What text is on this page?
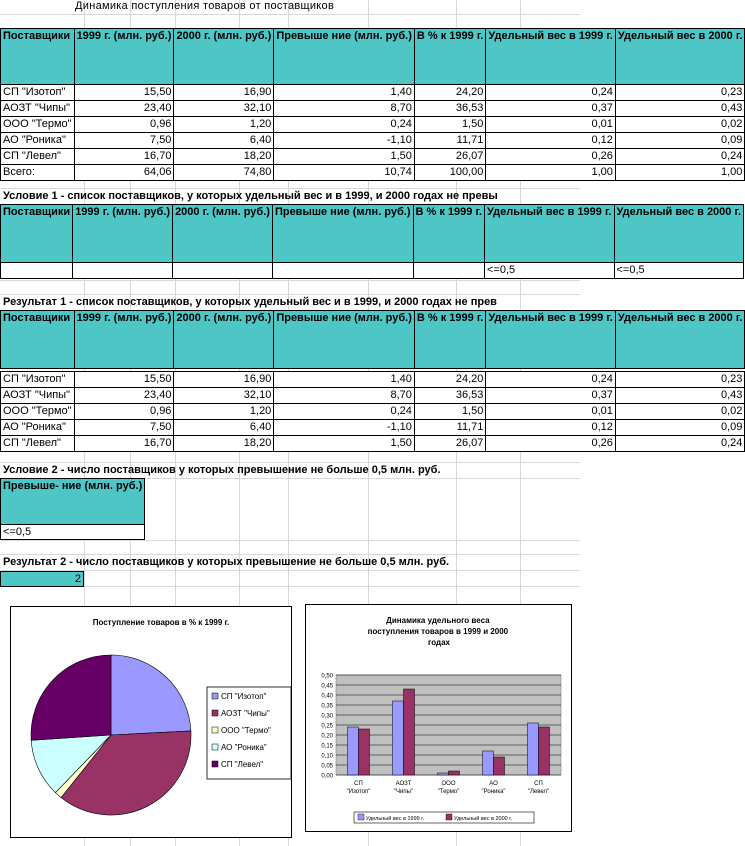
Динамика поступления товаров от поставщиков
Поставщики	1999 г. (млн. руб.)	2000 г. (млн. руб.)	Превыше ние (млн. руб.)	В % к 1999 г.	Удельный вес в 1999 г.	Удельный вес в 2000 г.
СП "Изотоп"	15,50	16,90	1,40	24,20	0,24	0,23
АОЗТ "Чипы"	23,40	32,10	8,70	36,53	0,37	0,43
ООО "Термо"	0,96	1,20	0,24	1,50	0,01	0,02
АО "Роника"	7,50	6,40	-1,10	11,71	0,12	0,09
СП "Левел"	16,70	18,20	1,50	26,07	0,26	0,24
Всего:	64,06	74,80	10,74	100,00	1,00	1,00
Условие 1 - список поставщиков, у которых удельный вес и в 1999, и 2000 годах не превы
Поставщики	1999 г. (млн. руб.)	2000 г. (млн. руб.)	Превыше ние (млн. руб.)	В % к 1999 г.	Удельный вес в 1999 г.	Удельный вес в 2000 г.
					<=0,5	<=0,5
Результат 1 - список поставщиков, у которых удельный вес и в 1999, и 2000 годах не прев
Поставщики	1999 г. (млн. руб.)	2000 г. (млн. руб.)	Превыше ние (млн. руб.)	В % к 1999 г.	Удельный вес в 1999 г.	Удельный вес в 2000 г.

СП "Изотоп"	15,50	16,90	1,40	24,20	0,24	0,23
АОЗТ "Чипы"	23,40	32,10	8,70	36,53	0,37	0,43
ООО "Термо"	0,96	1,20	0,24	1,50	0,01	0,02
АО "Роника"	7,50	6,40	-1,10	11,71	0,12	0,09
СП "Левел"	16,70	18,20	1,50	26,07	0,26	0,24
Условие 2 - число поставщиков у которых превышение не больше 0,5 млн. руб.
Превыше- ние (млн. руб.)
<=0,5
Результат 2 - число поставщиков у которых превышение не больше 0,5 млн. руб.
2
Поступление товаров в % к 1999 г.
СП "Изотоп"
АОЗТ "Чипы"
ООО "Термо"
АО "Роника"
СП "Левел"
Динамика удельного веса поступления товаров в 1999 и 2000 годах
0,00
0,05
0,10
0,15
0,20
0,25
0,30
0,35
0,40
0,45
0,50
СП "Изотоп"
АОЗТ "Чипы"
ООО "Термо"
АО "Роника"
СП "Левел"
Удельный вес в 1999 г.	Удельный вес в 2000 г.
